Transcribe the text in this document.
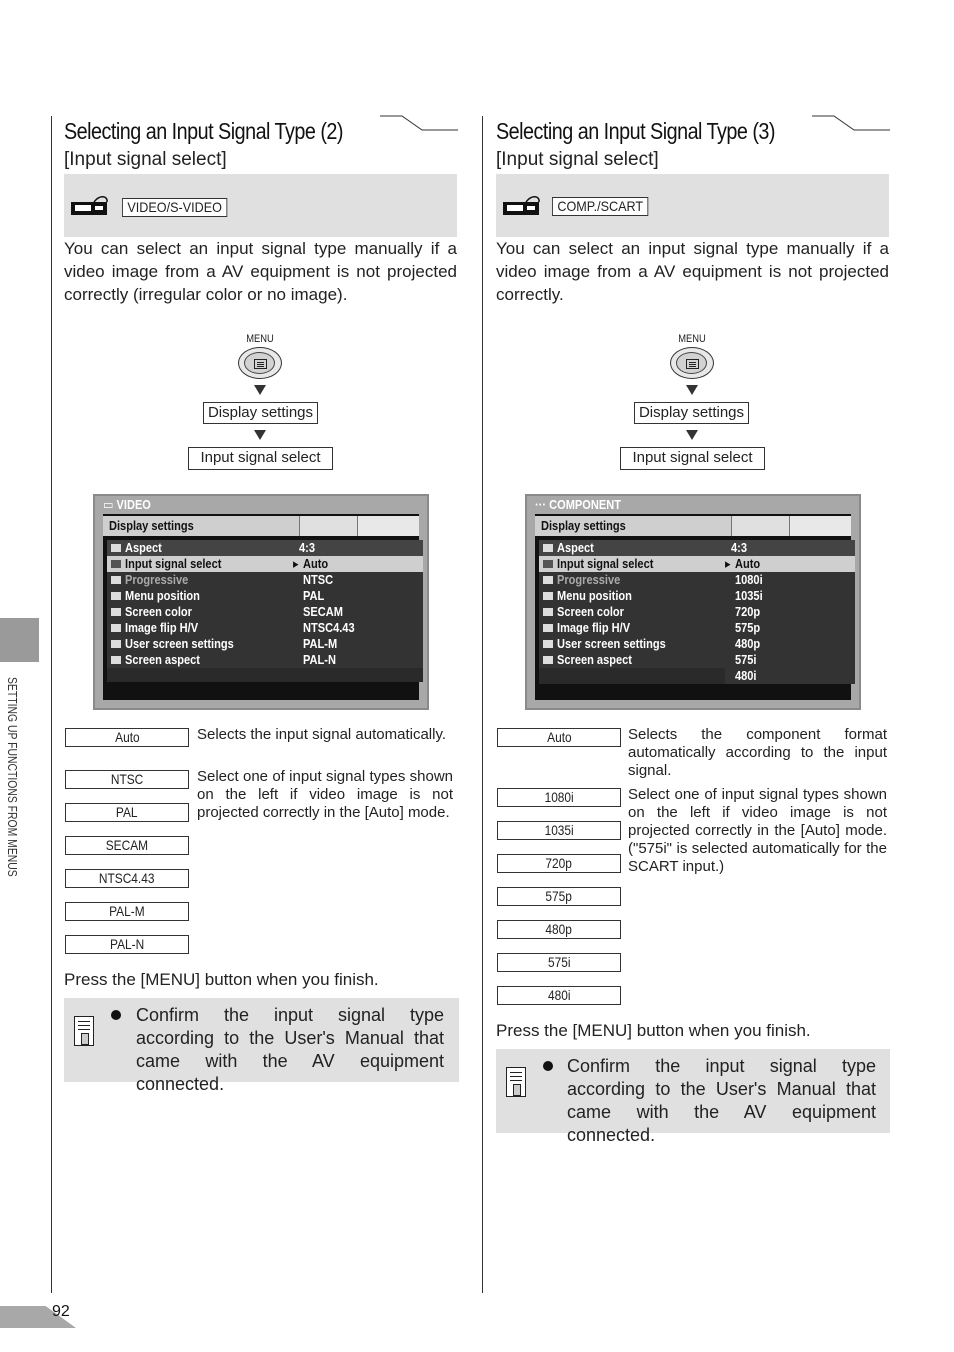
Selecting an Input Signal Type (2)
[Input signal select]
VIDEO/S-VIDEO
You can select an input signal type manually if a video image from a AV equipment is not projected correctly (irregular color or no image).
MENU
Display settings
Input signal select
▭ VIDEO
Display settings
Aspect
Input signal select
Progressive
Menu position
Screen color
Image flip H/V
User screen settings
Screen aspect
4:3
▸ Auto
NTSC
PAL
SECAM
NTSC4.43
PAL-M
PAL-N
Auto
NTSC
PAL
SECAM
NTSC4.43
PAL-M
PAL-N
Selects the input signal automatically.
Select one of input signal types shown on the left if video image is not projected correctly in the [Auto] mode.
Press the [MENU] button when you finish.
Confirm the input signal type according to the User's Manual that came with the AV equipment connected.
Selecting an Input Signal Type (3)
[Input signal select]
COMP./SCART
You can select an input signal type manually if a video image from a AV equipment is not projected correctly.
MENU
Display settings
Input signal select
··· COMPONENT
Display settings
Aspect
Input signal select
Progressive
Menu position
Screen color
Image flip H/V
User screen settings
Screen aspect
4:3
▸ Auto
1080i
1035i
720p
575p
480p
575i
480i
Auto
1080i
1035i
720p
575p
480p
575i
480i
Selects the component format automatically according to the input signal.
Select one of input signal types shown on the left if video image is not projected correctly in the [Auto] mode. ("575i" is selected automatically for the SCART input.)
Press the [MENU] button when you finish.
Confirm the input signal type according to the User's Manual that came with the AV equipment connected.
SETTING UP FUNCTIONS FROM MENUS
92
